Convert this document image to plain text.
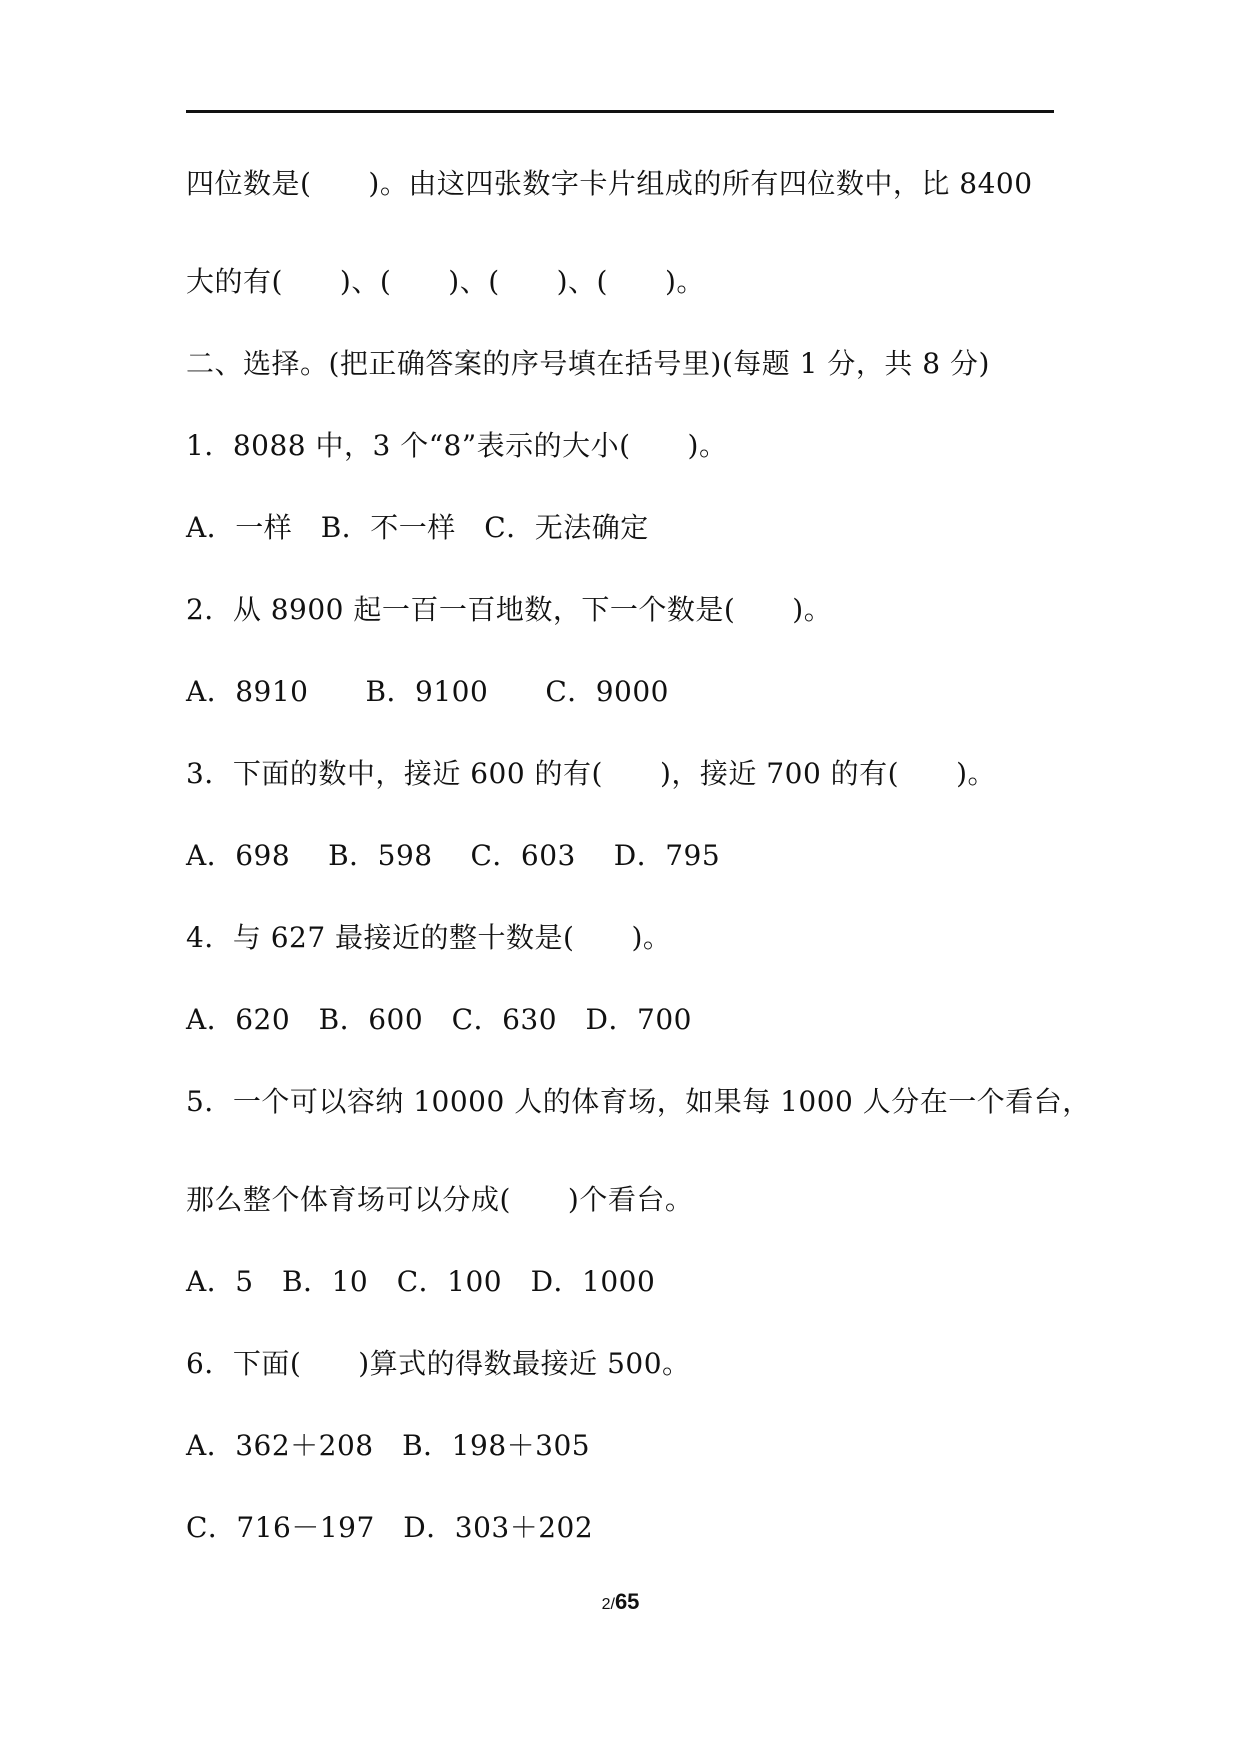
四位数是(　　)。由这四张数字卡片组成的所有四位数中，比 8400
大的有(　　)、(　　)、(　　)、(　　)。
二、选择。(把正确答案的序号填在括号里)(每题 1 分，共 8 分)
1．8088 中，3 个“8”表示的大小(　　)。
A．一样　B．不一样　C．无法确定
2．从 8900 起一百一百地数，下一个数是(　　)。
A．8910　　B．9100　　C．9000
3．下面的数中，接近 600 的有(　　)，接近 700 的有(　　)。
A．698　 B．598　 C．603　 D．795
4．与 627 最接近的整十数是(　　)。
A．620　B．600　C．630　D．700
5．一个可以容纳 10000 人的体育场，如果每 1000 人分在一个看台，
那么整个体育场可以分成(　　)个看台。
A．5　B．10　C．100　D．1000
6．下面(　　)算式的得数最接近 500。
A．362＋208　B．198＋305
C．716－197　D．303＋202
2/65
